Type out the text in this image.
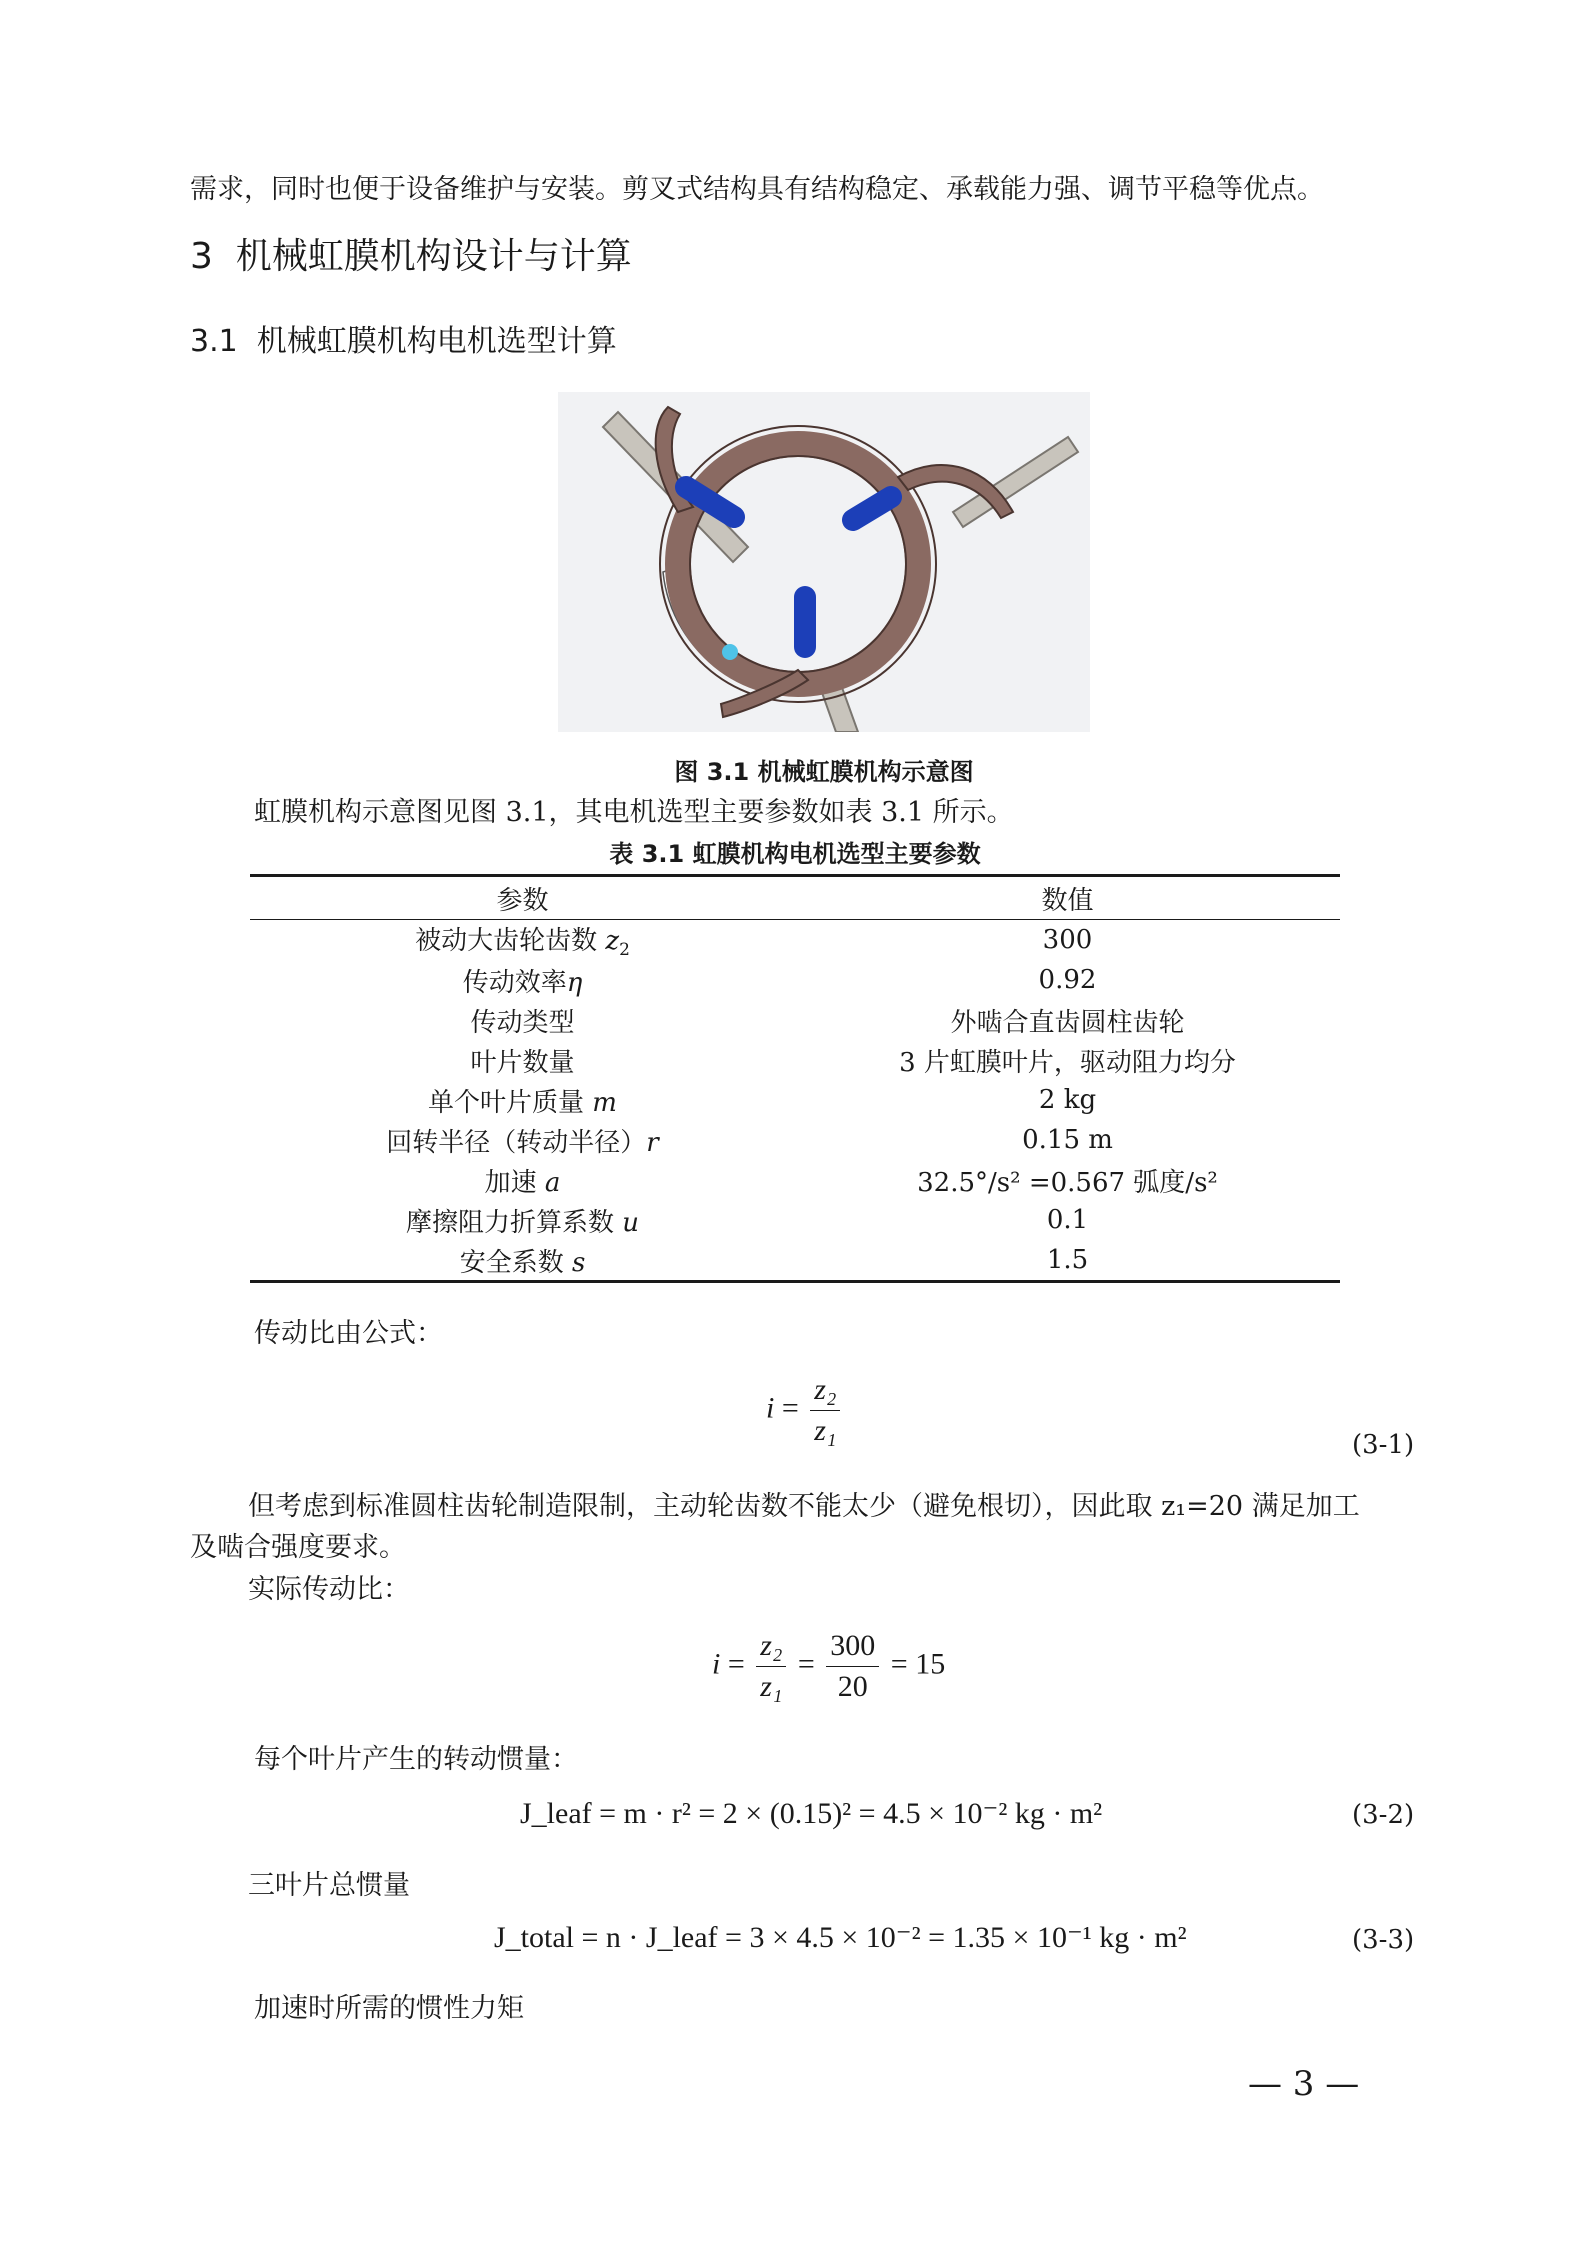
需求，同时也便于设备维护与安装。剪叉式结构具有结构稳定、承载能力强、调节平稳等优点。
3 机械虹膜机构设计与计算
3.1 机械虹膜机构电机选型计算
图 3.1 机械虹膜机构示意图
虹膜机构示意图见图 3.1，其电机选型主要参数如表 3.1 所示。
表 3.1 虹膜机构电机选型主要参数
参数	数值
被动大齿轮齿数 $z_2$	300
传动效率η	0.92
传动类型	外啮合直齿圆柱齿轮
叶片数量	3 片虹膜叶片，驱动阻力均分
单个叶片质量 m	2 kg
回转半径（转动半径）r	0.15 m
加速 a	32.5°/s² =0.567 弧度/s²
摩擦阻力折算系数 u	0.1
安全系数 s	1.5
传动比由公式：
$i = \frac{\text{z₂}}{\text{z₁}}$	(3-1)
但考虑到标准圆柱齿轮制造限制，主动轮齿数不能太少（避免根切），因此取 z₁=20 满足加工
及啮合强度要求。
实际传动比：
$i = \frac{\text{z₂}}{\text{z₁}} = \frac{300}{20} = 15$
每个叶片产生的转动惯量：
J_leaf = m · r² = 2 × (0.15)² = 4.5 × 10⁻² kg · m²	(3-2)
三叶片总惯量
J_total = n · J_leaf = 3 × 4.5 × 10⁻² = 1.35 × 10⁻¹ kg · m²	(3-3)
加速时所需的惯性力矩
— 3 —
